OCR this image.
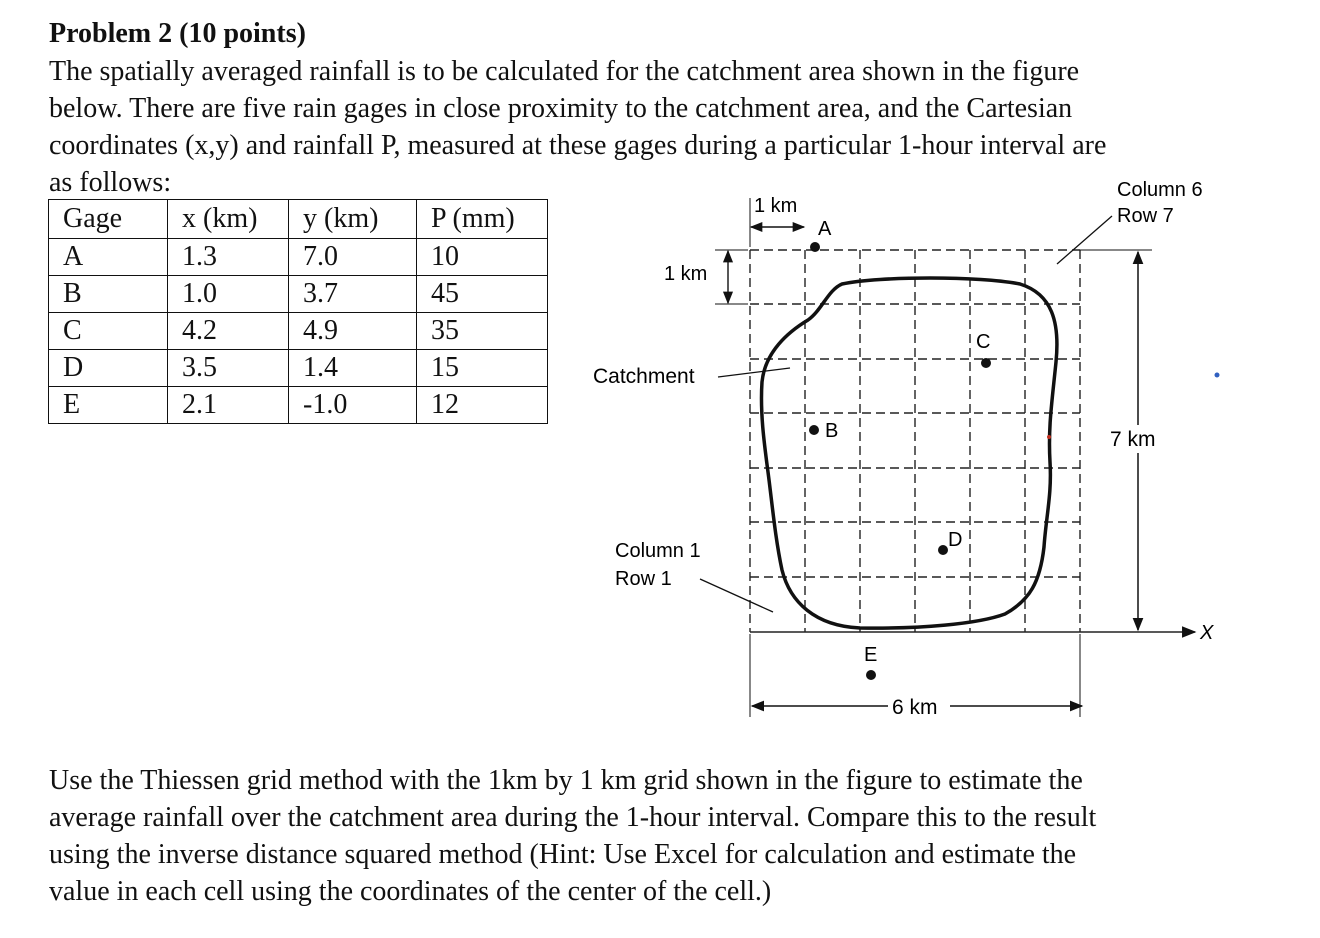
Problem 2 (10 points)

The spatially averaged rainfall is to be calculated for the catchment area shown in the figure

below. There are five rain gages in close proximity to the catchment area, and the Cartesian

coordinates (x,y) and rainfall P, measured at these gages during a particular 1-hour interval are

as follows:

Gage	x (km)	y (km)	P (mm)
A	1.3	7.0	10
B	1.0	3.7	45
C	4.2	4.9	35
D	3.5	1.4	15
E	2.1	-1.0	12
X
1 km
1 km
7 km
6 km
Column 6
Row 7
Catchment
Column 1
Row 1
A
B
C
D
E

Use the Thiessen grid method with the 1km by 1 km grid shown in the figure to estimate the

average rainfall over the catchment area during the 1-hour interval. Compare this to the result

using the inverse distance squared method (Hint: Use Excel for calculation and estimate the

value in each cell using the coordinates of the center of the cell.)
